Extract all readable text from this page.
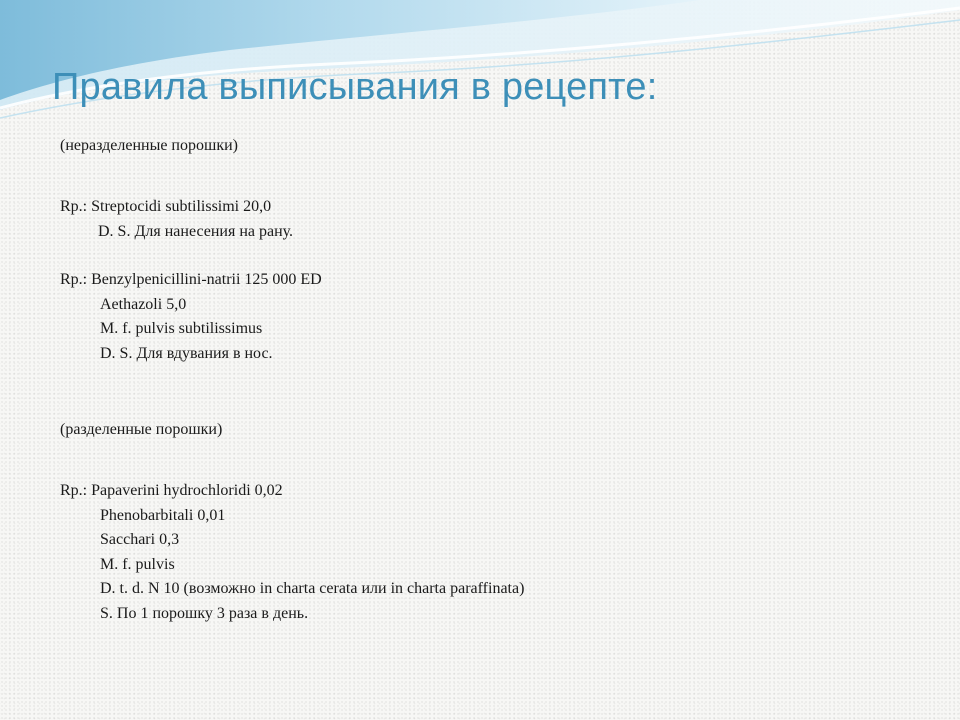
Правила выписывания в рецепте:

(неразделенные порошки)

Rp.: Streptocidi subtilissimi 20,0

D. S. Для нанесения на рану.

Rp.: Benzylpenicillini-natrii 125 000 ED

Aethazoli 5,0

M. f. pulvis subtilissimus

D. S. Для вдувания в нос.

(разделенные порошки)

Rp.: Papaverini hydrochloridi 0,02

Phenobarbitali 0,01

Sacchari 0,3

M. f. pulvis

D. t. d. N 10 (возможно in charta cerata или in charta paraffinata)

S. По 1 порошку 3 раза в день.
